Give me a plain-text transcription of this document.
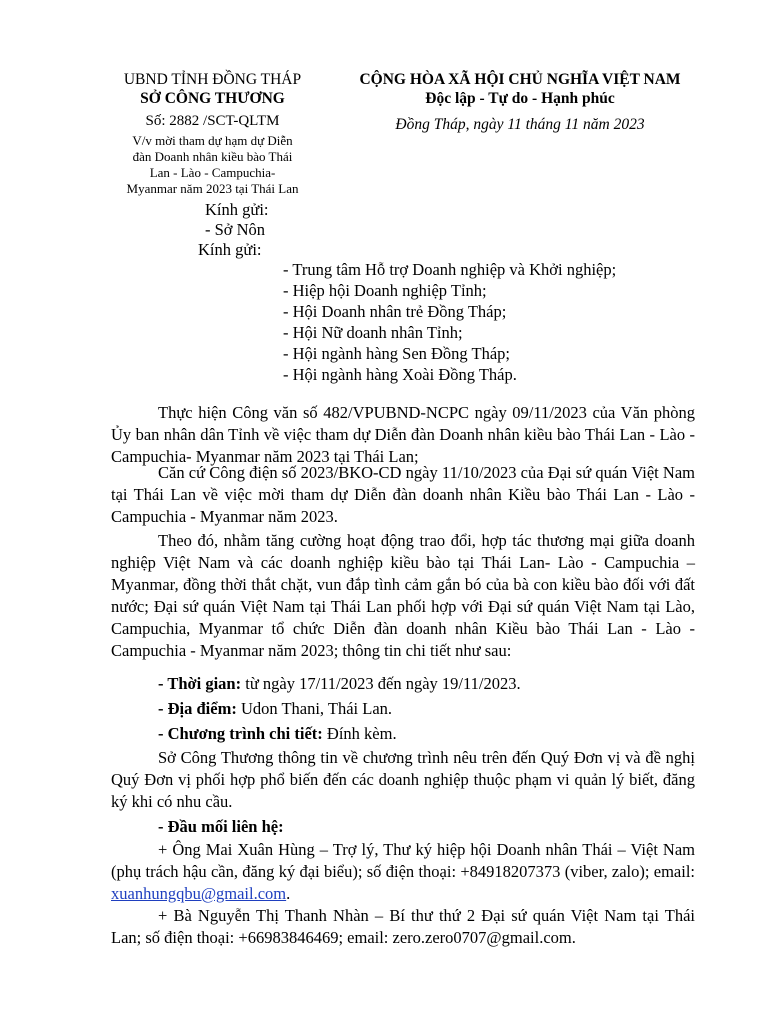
UBND TỈNH ĐỒNG THÁP
SỞ CÔNG THƯƠNG
Số: 2882 /SCT-QLTM
V/v mời tham dự hạm dự Diễn
đàn Doanh nhân kiều bào Thái
Lan - Lào - Campuchia-
Myanmar năm 2023 tại Thái Lan
CỘNG HÒA XÃ HỘI CHỦ NGHĨA VIỆT NAM
Độc lập - Tự do - Hạnh phúc
Đồng Tháp, ngày 11 tháng 11 năm 2023
Kính gửi:
- Sở Nôn
Kính gửi:
- Trung tâm Hỗ trợ Doanh nghiệp và Khởi nghiệp;
- Hiệp hội Doanh nghiệp Tỉnh;
- Hội Doanh nhân trẻ Đồng Tháp;
- Hội Nữ doanh nhân Tỉnh;
- Hội ngành hàng Sen Đồng Tháp;
- Hội ngành hàng Xoài Đồng Tháp.
Thực hiện Công văn số 482/VPUBND-NCPC ngày 09/11/2023 của Văn phòng Ủy ban nhân dân Tỉnh về việc tham dự Diễn đàn Doanh nhân kiều bào Thái Lan - Lào - Campuchia- Myanmar năm 2023 tại Thái Lan;
Căn cứ Công điện số 2023/BKO-CD ngày 11/10/2023 của Đại sứ quán Việt Nam tại Thái Lan về việc mời tham dự Diễn đàn doanh nhân Kiều bào Thái Lan - Lào - Campuchia - Myanmar năm 2023.
Theo đó, nhằm tăng cường hoạt động trao đổi, hợp tác thương mại giữa doanh nghiệp Việt Nam và các doanh nghiệp kiều bào tại Thái Lan- Lào - Campuchia – Myanmar, đồng thời thắt chặt, vun đắp tình cảm gắn bó của bà con kiều bào đối với đất nước; Đại sứ quán Việt Nam tại Thái Lan phối hợp với Đại sứ quán Việt Nam tại Lào, Campuchia, Myanmar tổ chức Diễn đàn doanh nhân Kiều bào Thái Lan - Lào - Campuchia - Myanmar năm 2023; thông tin chi tiết như sau:
- Thời gian: từ ngày 17/11/2023 đến ngày 19/11/2023.
- Địa điểm: Udon Thani, Thái Lan.
- Chương trình chi tiết: Đính kèm.
Sở Công Thương thông tin về chương trình nêu trên đến Quý Đơn vị và đề nghị Quý Đơn vị phối hợp phổ biến đến các doanh nghiệp thuộc phạm vi quản lý biết, đăng ký khi có nhu cầu.
- Đầu mối liên hệ:
+ Ông Mai Xuân Hùng – Trợ lý, Thư ký hiệp hội Doanh nhân Thái – Việt Nam (phụ trách hậu cần, đăng ký đại biểu); số điện thoại: +84918207373 (viber, zalo); email: xuanhungqbu@gmail.com.
+ Bà Nguyễn Thị Thanh Nhàn – Bí thư thứ 2 Đại sứ quán Việt Nam tại Thái Lan; số điện thoại: +66983846469; email: zero.zero0707@gmail.com.
